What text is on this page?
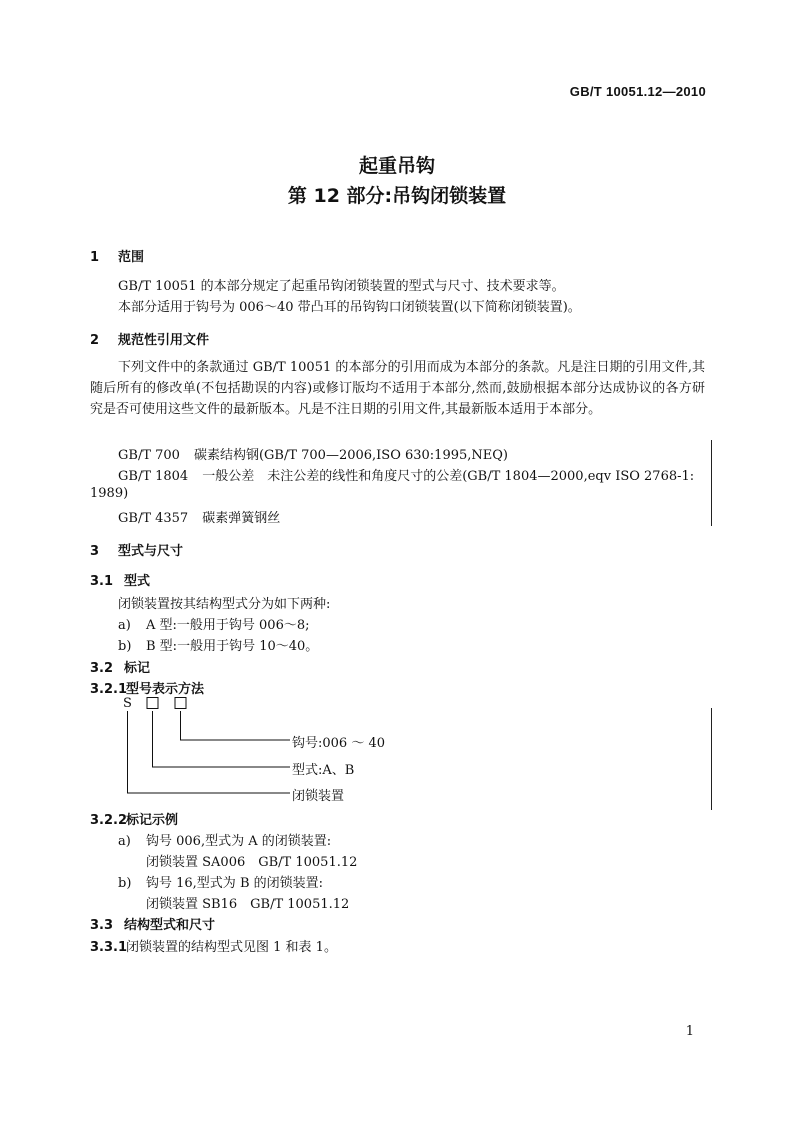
GB/T 10051.12—2010
起重吊钩
第 12 部分:吊钩闭锁装置
1 范围
GB/T 10051 的本部分规定了起重吊钩闭锁装置的型式与尺寸、技术要求等。
本部分适用于钩号为 006～40 带凸耳的吊钩钩口闭锁装置(以下简称闭锁装置)。
2 规范性引用文件
下列文件中的条款通过 GB/T 10051 的本部分的引用而成为本部分的条款。凡是注日期的引用文件,其随后所有的修改单(不包括勘误的内容)或修订版均不适用于本部分,然而,鼓励根据本部分达成协议的各方研究是否可使用这些文件的最新版本。凡是不注日期的引用文件,其最新版本适用于本部分。
GB/T 700 碳素结构钢(GB/T 700—2006,ISO 630:1995,NEQ)
GB/T 1804 一般公差　未注公差的线性和角度尺寸的公差(GB/T 1804—2000,eqv ISO 2768-1:
1989)
GB/T 4357 碳素弹簧钢丝
3 型式与尺寸
3.1 型式
闭锁装置按其结构型式分为如下两种:
a) A 型:一般用于钩号 006～8;
b) B 型:一般用于钩号 10～40。
3.2 标记
3.2.1型号表示方法
S
钩号:006 ～ 40
型式:A、B
闭锁装置
3.2.2标记示例
a) 钩号 006,型式为 A 的闭锁装置:
闭锁装置 SA006　GB/T 10051.12
b) 钩号 16,型式为 B 的闭锁装置:
闭锁装置 SB16　GB/T 10051.12
3.3 结构型式和尺寸
3.3.1闭锁装置的结构型式见图 1 和表 1。
1
